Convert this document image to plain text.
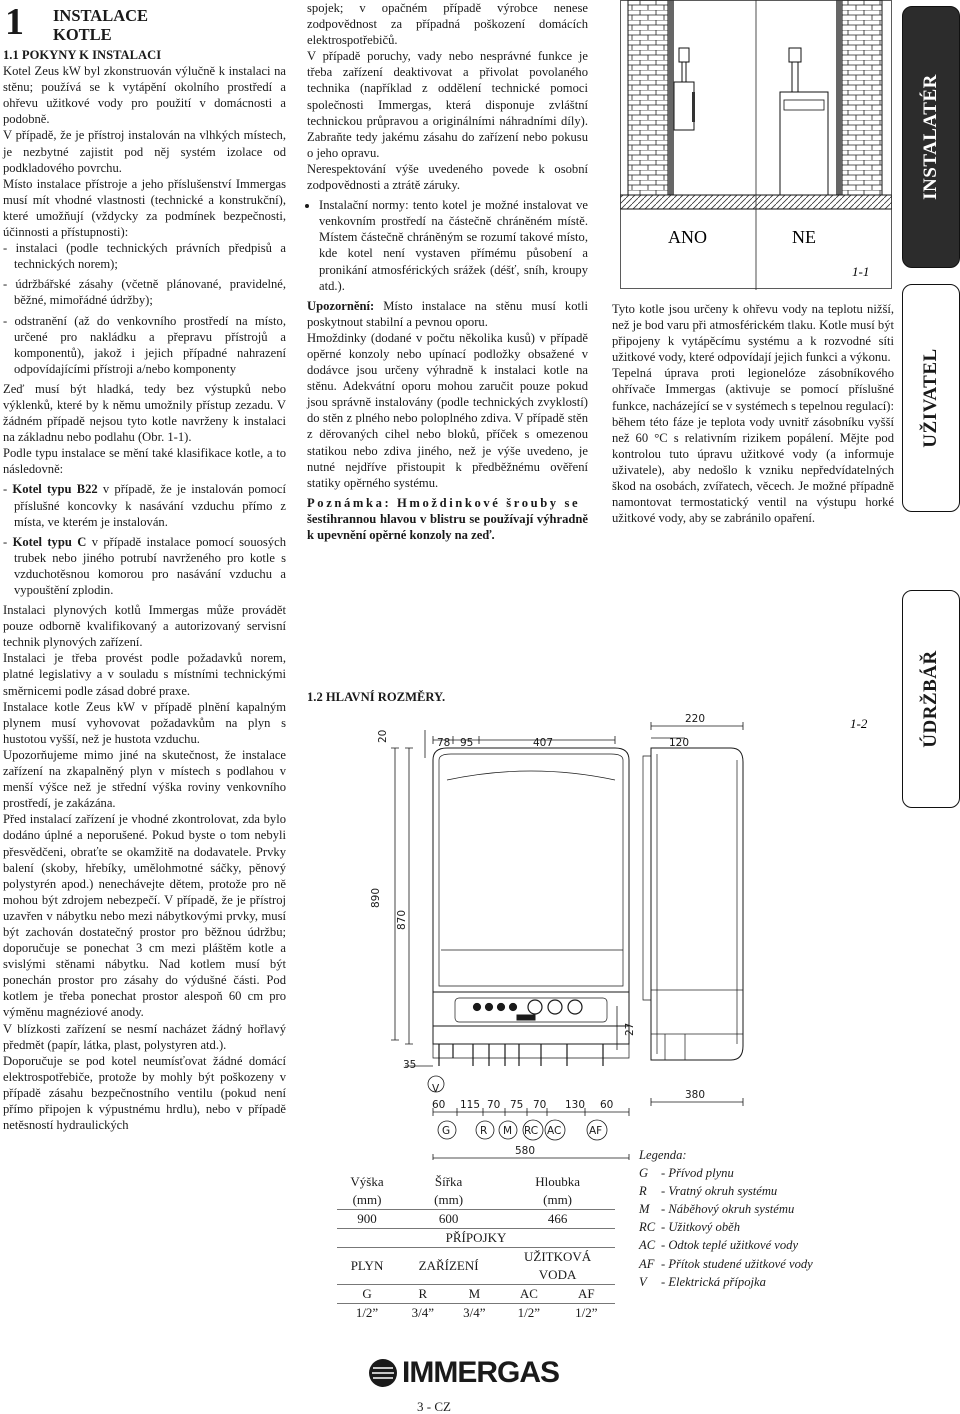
1	INSTALACE
KOTLE
1.1 POKYNY K INSTALACI

Kotel Zeus kW byl zkonstruován výlučně k instalaci na stěnu; používá se k vytápění okolního prostředí a ohřevu užitkové vody pro použití v domácnosti a podobně.

V případě, že je přístroj instalován na vlhkých místech, je nezbytné zajistit pod něj systém izolace od podkladového povrchu.

Místo instalace přístroje a jeho příslušenství Immergas musí mít vhodné vlastnosti (technické a konstrukční), které umožňují (vždycky za podmínek bezpečnosti, účinnosti a přístupnosti):

- instalaci (podle technických právních předpisů a technických norem);
- údržbářské zásahy (včetně plánované, pravidelné, běžné, mimořádné údržby);
- odstranění (až do venkovního prostředí na místo, určené pro nakládku a přepravu přístrojů a komponentů), jakož i jejich případné nahrazení odpovídajícími přístroji a/nebo komponenty

Zeď musí být hladká, tedy bez výstupků nebo výklenků, které by k němu umožnily přístup zezadu. V žádném případě nejsou tyto kotle navrženy k instalaci na základnu nebo podlahu (Obr. 1-1).

Podle typu instalace se mění také klasifikace kotle, a to následovně:

- Kotel typu B22 v případě, že je instalován pomocí příslušné koncovky k nasávání vzduchu přímo z místa, ve kterém je instalován.
- Kotel typu C v případě instalace pomocí souosých trubek nebo jiného potrubí navrženého pro kotle s vzduchotěsnou komorou pro nasávání vzduchu a vypouštění zplodin.

Instalaci plynových kotlů Immergas může provádět pouze odborně kvalifikovaný a autorizovaný servisní technik plynových zařízení.

Instalaci je třeba provést podle požadavků norem, platné legislativy a v souladu s místními technickými směrnicemi podle zásad dobré praxe.

Instalace kotle Zeus kW v případě plnění kapalným plynem musí vyhovovat požadavkům na plyn s hustotou vyšší, než je hustota vzduchu.

Upozorňujeme mimo jiné na skutečnost, že instalace zařízení na zkapalněný plyn v místech s podlahou v menší výšce než je střední výška roviny venkovního prostředí, je zakázána.

Před instalací zařízení je vhodné zkontrolovat, zda bylo dodáno úplné a neporušené. Pokud byste o tom nebyli přesvědčeni, obraťte se okamžitě na dodavatele. Prvky balení (skoby, hřebíky, umělohmotné sáčky, pěnový polystyrén apod.) nenechávejte dětem, protože pro ně mohou být zdrojem nebezpečí. V případě, že je přístroj uzavřen v nábytku nebo mezi nábytkovými prvky, musí být zachován dostatečný prostor pro běžnou údržbu; doporučuje se ponechat 3 cm mezi pláštěm kotle a svislými stěnami nábytku. Nad kotlem musí být ponechán prostor pro zásahy do výdušné části. Pod kotlem je třeba ponechat prostor alespoň 60 cm pro výměnu magnéziové anody.

V blízkosti zařízení se nesmí nacházet žádný hořlavý předmět (papír, látka, plast, polystyren atd.).

Doporučuje se pod kotel neumísťovat žádné domácí elektrospotřebiče, protože by mohly být poškozeny v případě zásahu bezpečnostního ventilu (pokud není přímo připojen k výpustnému hrdlu), nebo v případě netěsností hydraulických

spojek; v opačném případě výrobce nenese zodpovědnost za případná poškození domácích elektrospotřebičů.

V případě poruchy, vady nebo nesprávné funkce je třeba zařízení deaktivovat a přivolat povolaného technika (například z oddělení technické pomoci společnosti Immergas, která disponuje zvláštní technickou průpravou a originálními náhradními díly). Zabraňte tedy jakému zásahu do zařízení nebo pokusu o jeho opravu.

Nerespektování výše uvedeného povede k osobní zodpovědnosti a ztrátě záruky.

• Instalační normy: tento kotel je možné instalovat ve venkovním prostředí na částečně chráněném místě. Místem částečně chráněným se rozumí takové místo, kde kotel není vystaven přímému působení a pronikání atmosférických srážek (déšť, sníh, kroupy atd.).

Upozornění: Místo instalace na stěnu musí kotli poskytnout stabilní a pevnou oporu.

Hmoždinky (dodané v počtu několika kusů) v případě opěrné konzoly nebo upínací podložky obsažené v dodávce jsou určeny výhradně k instalaci kotle na stěnu. Adekvátní oporu mohou zaručit pouze pokud jsou správně instalovány (podle technických zvyklostí) do stěn z plného nebo poloplného zdiva. V případě stěn z děrovaných cihel nebo bloků, příček s omezenou statikou nebo zdiva jiného, než je výše uvedeno, je nutné nejdříve přistoupit k předběžnému ověření statiky opěrného systému.

Poznámka: Hmoždinkové šrouby se
šestihrannou hlavou v blistru se používají výhradně k upevnění opěrné konzoly na zeď.

1.2 HLAVNÍ ROZMĚRY.
ANO	NE
1-1

Tyto kotle jsou určeny k ohřevu vody na teplotu nižší, než je bod varu při atmosférickém tlaku. Kotle musí být připojeny k vytápěcímu systému a k rozvodné síti užitkové vody, které odpovídají jejich funkci a výkonu.

Tepelná úprava proti legionelóze zásobníkového ohřívače Immergas (aktivuje se pomocí příslušné funkce, nacházející se v systémech s tepelnou regulací): během této fáze je teplota vody uvnitř zásobníku vyšší než 60 °C s relativním rizikem popálení. Mějte pod kontrolou tuto úpravu užitkové vody (a informuje uživatele), aby nedošlo k vzniku nepředvídatelných škod na osobách, zvířatech, věcech. Je možné případně namontovat termostatický ventil na výstupu horké užitkové vody, aby se zabránilo opaření.

INSTALATÉR
UŽIVATEL
ÚDRŽBÁŘ
20	78 95	407
220
120
890
870
35
27
V
60 115 70 75 70 130 60
G	R M RC AC	AF
580
380
1-2
Výška	Šířka		Hloubka	
(mm)	(mm)		(mm)	
900	600		466	
PŘÍPOJKY				
PLYN	ZAŘÍZENÍ		UŽITKOVÁ
VODA	
G	R	M	AC	AF
1/2”	3/4”	3/4”	1/2”	1/2”
Legenda:
G	- Přívod plynu
R	- Vratný okruh systému
M - Náběhový okruh systému
RC - Užitkový oběh
AC - Odtok teplé užitkové vody
AF - Přítok studené užitkové vody
V	- Elektrická přípojka
IMMERGAS
3 - CZ
